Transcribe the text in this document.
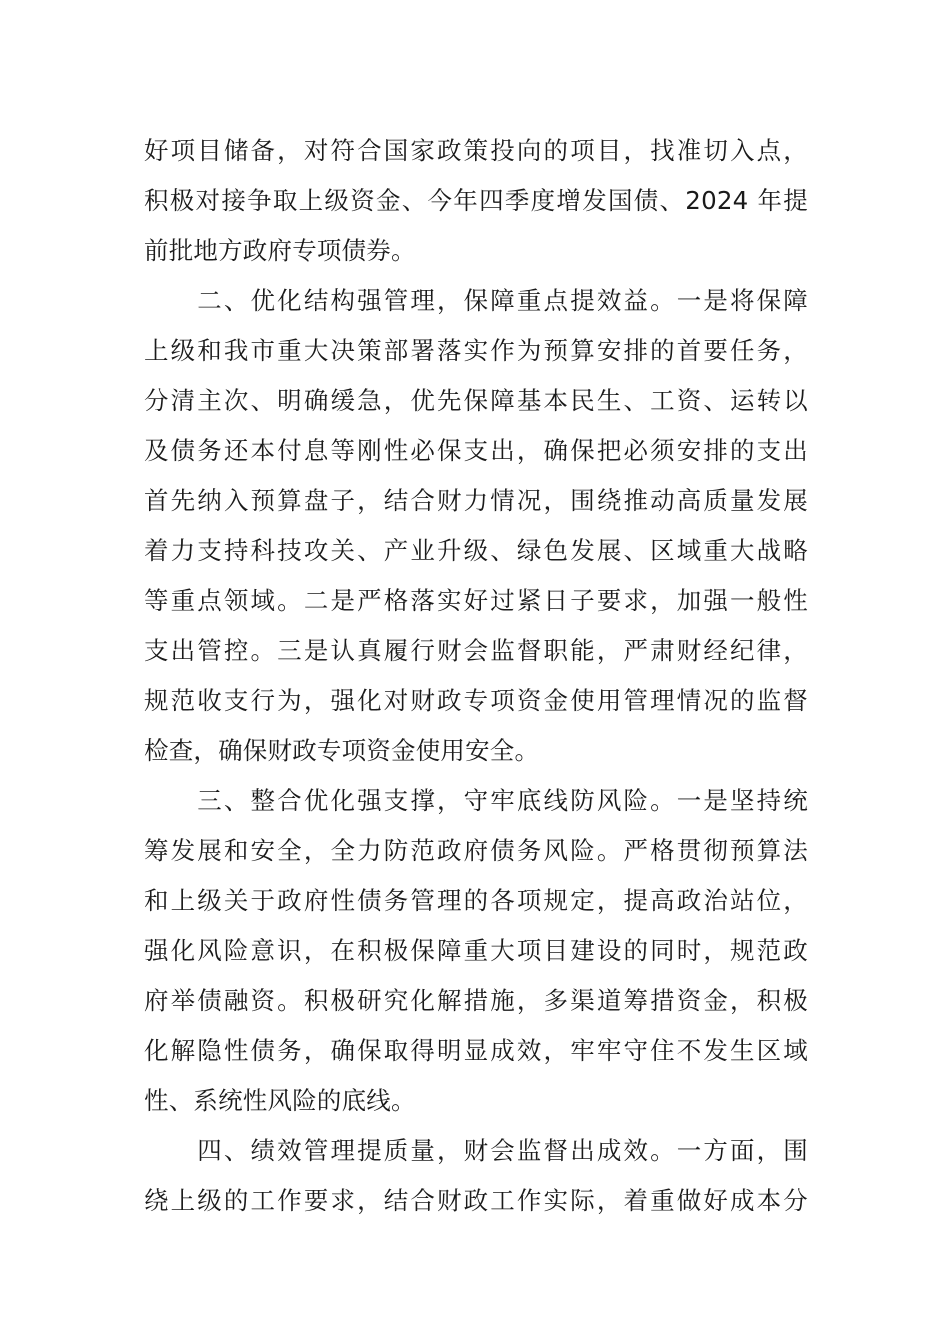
好项目储备，对符合国家政策投向的项目，找准切入点，
积极对接争取上级资金、今年四季度增发国债、2024 年提
前批地方政府专项债券。
　　二、优化结构强管理，保障重点提效益。一是将保障
上级和我市重大决策部署落实作为预算安排的首要任务，
分清主次、明确缓急，优先保障基本民生、工资、运转以
及债务还本付息等刚性必保支出，确保把必须安排的支出
首先纳入预算盘子，结合财力情况，围绕推动高质量发展
着力支持科技攻关、产业升级、绿色发展、区域重大战略
等重点领域。二是严格落实好过紧日子要求，加强一般性
支出管控。三是认真履行财会监督职能，严肃财经纪律，
规范收支行为，强化对财政专项资金使用管理情况的监督
检查，确保财政专项资金使用安全。
　　三、整合优化强支撑，守牢底线防风险。一是坚持统
筹发展和安全，全力防范政府债务风险。严格贯彻预算法
和上级关于政府性债务管理的各项规定，提高政治站位，
强化风险意识，在积极保障重大项目建设的同时，规范政
府举债融资。积极研究化解措施，多渠道筹措资金，积极
化解隐性债务，确保取得明显成效，牢牢守住不发生区域
性、系统性风险的底线。
　　四、绩效管理提质量，财会监督出成效。一方面，围
绕上级的工作要求，结合财政工作实际，着重做好成本分
